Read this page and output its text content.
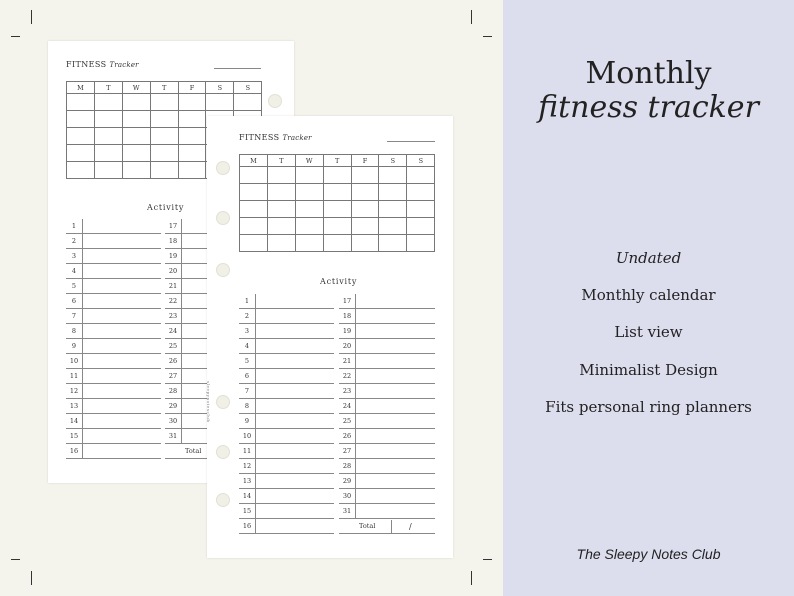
FITNESS Tracker
M	T	W	T	F	S	S

Activity
1
2
3
4
5
6
7
8
9
10
11
12
13
14
15
16
17
18
19
20
21
22
23
24
25
26
27
28
29
30
31
Total
sleepynotesclub
FITNESS Tracker
M	T	W	T	F	S	S

Activity
1
2
3
4
5
6
7
8
9
10
11
12
13
14
15
16
17
18
19
20
21
22
23
24
25
26
27
28
29
30
31
Total	/
Monthly
fitness tracker
Undated
Monthly calendar
List view
Minimalist Design
Fits personal ring planners
The Sleepy Notes Club
